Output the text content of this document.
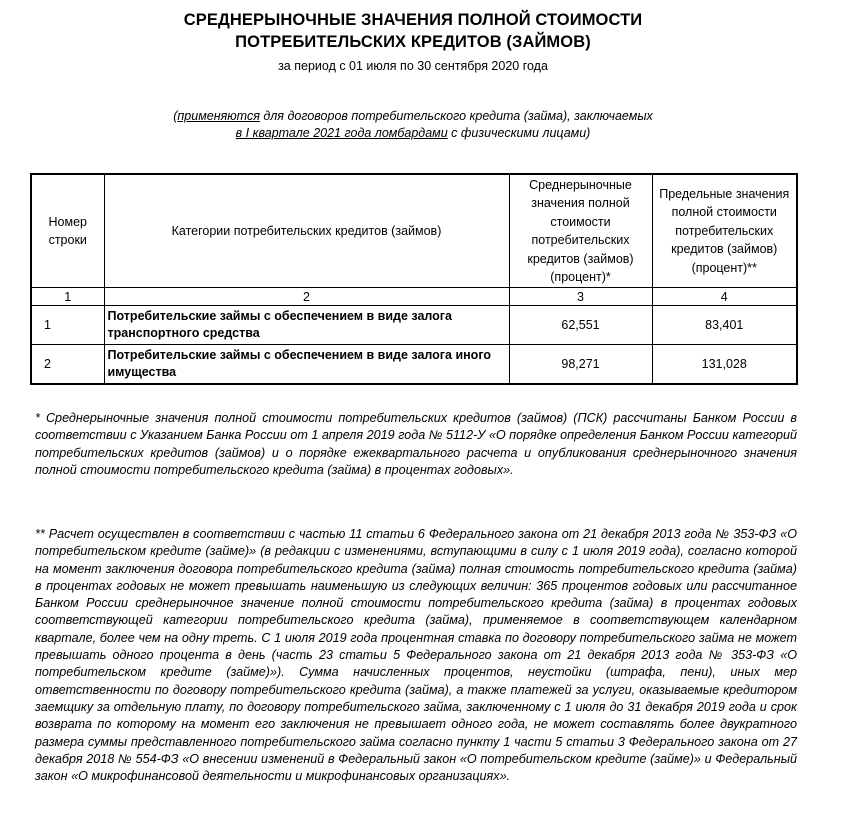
СРЕДНЕРЫНОЧНЫЕ ЗНАЧЕНИЯ ПОЛНОЙ СТОИМОСТИ
ПОТРЕБИТЕЛЬСКИХ КРЕДИТОВ (ЗАЙМОВ)
за период с 01 июля по 30 сентября 2020 года
(применяются для договоров потребительского кредита (займа), заключаемых
в I квартале 2021 года ломбардами с физическими лицами)
Номер строки	Категории потребительских кредитов (займов)	Среднерыночные значения полной стоимости потребительских кредитов (займов) (процент)*	Предельные значения полной стоимости потребительских кредитов (займов) (процент)**
1	2	3	4
1	Потребительские займы с обеспечением в виде залога транспортного средства	62,551	83,401
2	Потребительские займы с обеспечением в виде залога иного имущества	98,271	131,028

* Среднерыночные значения полной стоимости потребительских кредитов (займов) (ПСК) рассчитаны Банком России в соответствии с Указанием Банка России от 1 апреля 2019 года № 5112-У «О порядке определения Банком России категорий потребительских кредитов (займов) и о порядке ежеквартального расчета и опубликования среднерыночного значения полной стоимости потребительского кредита (займа) в процентах годовых».

** Расчет осуществлен в соответствии с частью 11 статьи 6 Федерального закона от 21 декабря 2013 года № 353-ФЗ «О потребительском кредите (займе)» (в редакции с изменениями, вступающими в силу с 1 июля 2019 года), согласно которой на момент заключения договора потребительского кредита (займа) полная стоимость потребительского кредита (займа) в процентах годовых не может превышать наименьшую из следующих величин: 365 процентов годовых или рассчитанное Банком России среднерыночное значение полной стоимости потребительского кредита (займа) в процентах годовых соответствующей категории потребительского кредита (займа), применяемое в соответствующем календарном квартале, более чем на одну треть. С 1 июля 2019 года процентная ставка по договору потребительского займа не может превышать одного процента в день (часть 23 статьи 5 Федерального закона от 21 декабря 2013 года № 353-ФЗ «О потребительском кредите (займе)»). Сумма начисленных процентов, неустойки (штрафа, пени), иных мер ответственности по договору потребительского кредита (займа), а также платежей за услуги, оказываемые кредитором заемщику за отдельную плату, по договору потребительского займа, заключенному с 1 июля до 31 декабря 2019 года и срок возврата по которому на момент его заключения не превышает одного года, не может составлять более двукратного размера суммы представленного потребительского займа согласно пункту 1 части 5 статьи 3 Федерального закона от 27 декабря 2018 № 554-ФЗ «О внесении изменений в Федеральный закон «О потребительском кредите (займе)» и Федеральный закон «О микрофинансовой деятельности и микрофинансовых организациях».
